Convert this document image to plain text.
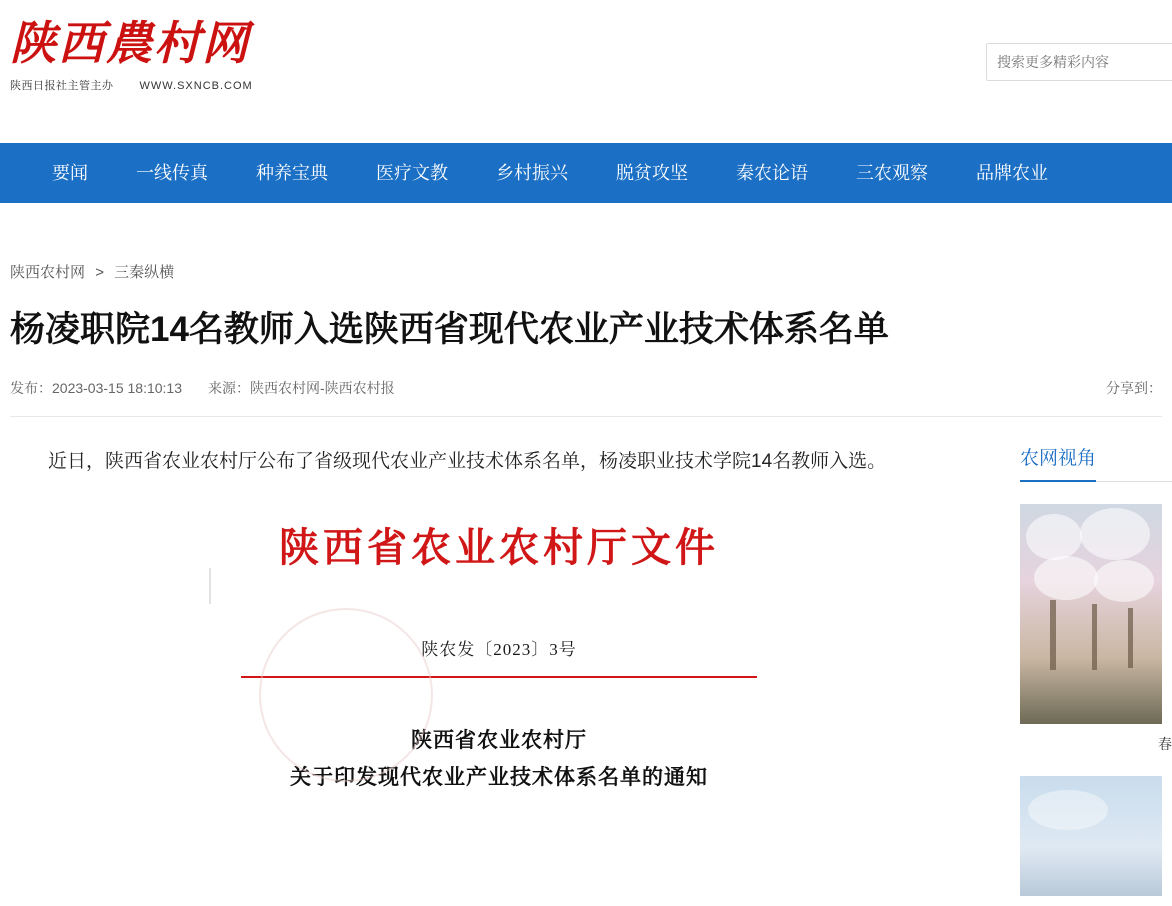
陕西農村网
陕西日报社主管主办 WWW.SXNCB.COM
搜索更多精彩内容
要闻	一线传真	种养宝典	医疗文教	乡村振兴	脱贫攻坚	秦农论语	三农观察	品牌农业
陕西农村网 > 三秦纵横
杨凌职院14名教师入选陕西省现代农业产业技术体系名单
发布：2023-03-15 18:10:13 来源：陕西农村网-陕西农村报	分享到：

近日，陕西省农业农村厅公布了省级现代农业产业技术体系名单，杨凌职业技术学院14名教师入选。

陕西省农业农村厅文件
陕农发〔2023〕3号
陕西省农业农村厅
关于印发现代农业产业技术体系名单的通知
农网视角
春
